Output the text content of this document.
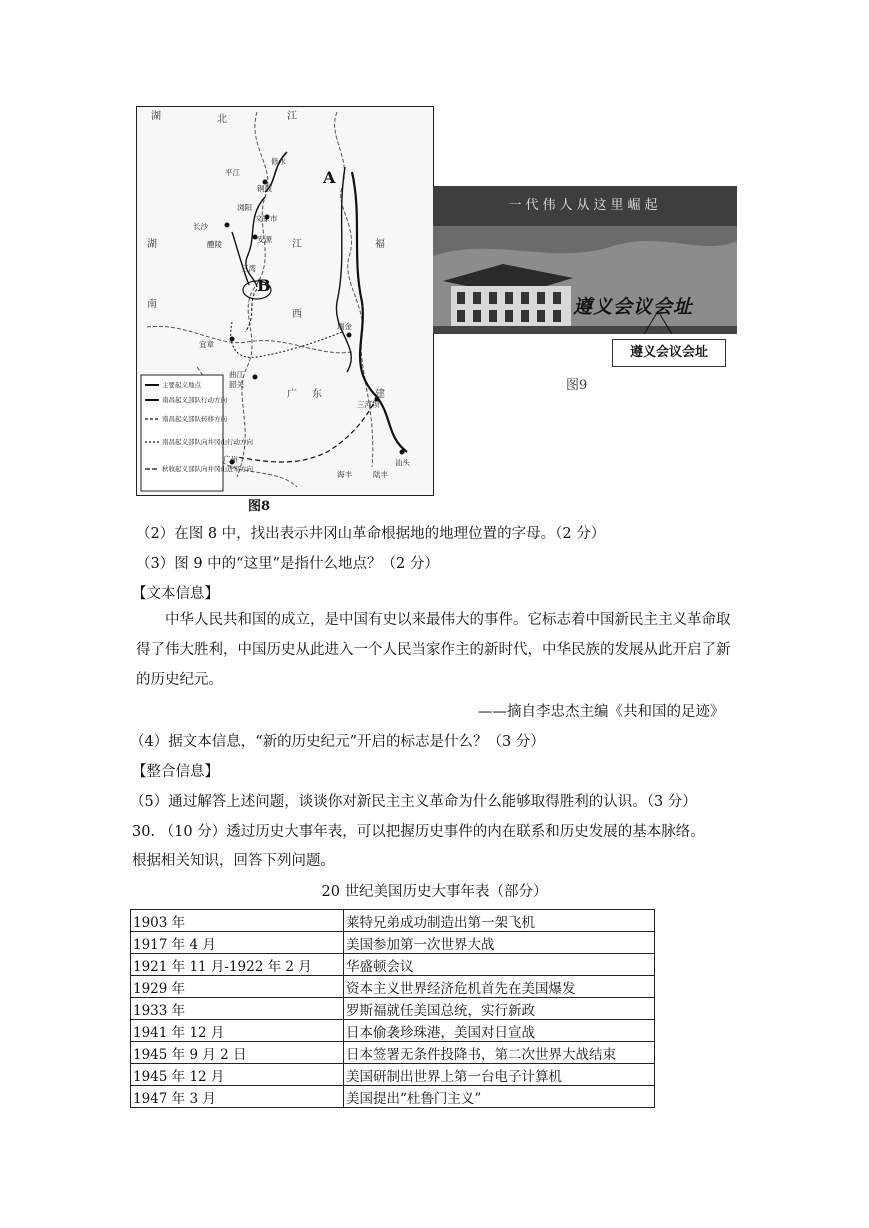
平江
修水
铜鼓
浏阳
文家市
长沙
安源
醴陵
三湾
宜章
瑞金
曲江
韶关
广州
三河坝
汕头
海丰	陆丰
湖	北	江
湖
南
江
西
福
建
广 东
A
B
主要起义地点
南昌起义部队行动方向
南昌起义部队转移方向
南昌起义部队向井冈山行动方向
秋收起义部队向井冈山进军方向
图8
一代伟人从这里崛起
遵义会议会址
遵义会议会址
图9
（2）在图 8 中，找出表示井冈山革命根据地的地理位置的字母。（2 分）
（3）图 9 中的“这里”是指什么地点？（2 分）
【文本信息】
中华人民共和国的成立，是中国有史以来最伟大的事件。它标志着中国新民主主义革命取得了伟大胜利，中国历史从此进入一个人民当家作主的新时代，中华民族的发展从此开启了新的历史纪元。
——摘自李忠杰主编《共和国的足迹》
（4）据文本信息，“新的历史纪元”开启的标志是什么？（3 分）
【整合信息】
（5）通过解答上述问题，谈谈你对新民主主义革命为什么能够取得胜利的认识。（3 分）
30. （10 分）透过历史大事年表，可以把握历史事件的内在联系和历史发展的基本脉络。
根据相关知识，回答下列问题。
20 世纪美国历史大事年表（部分）
1903 年	莱特兄弟成功制造出第一架飞机
1917 年 4 月	美国参加第一次世界大战
1921 年 11 月-1922 年 2 月	华盛顿会议
1929 年	资本主义世界经济危机首先在美国爆发
1933 年	罗斯福就任美国总统，实行新政
1941 年 12 月	日本偷袭珍珠港，美国对日宣战
1945 年 9 月 2 日	日本签署无条件投降书，第二次世界大战结束
1945 年 12 月	美国研制出世界上第一台电子计算机
1947 年 3 月	美国提出“杜鲁门主义”
